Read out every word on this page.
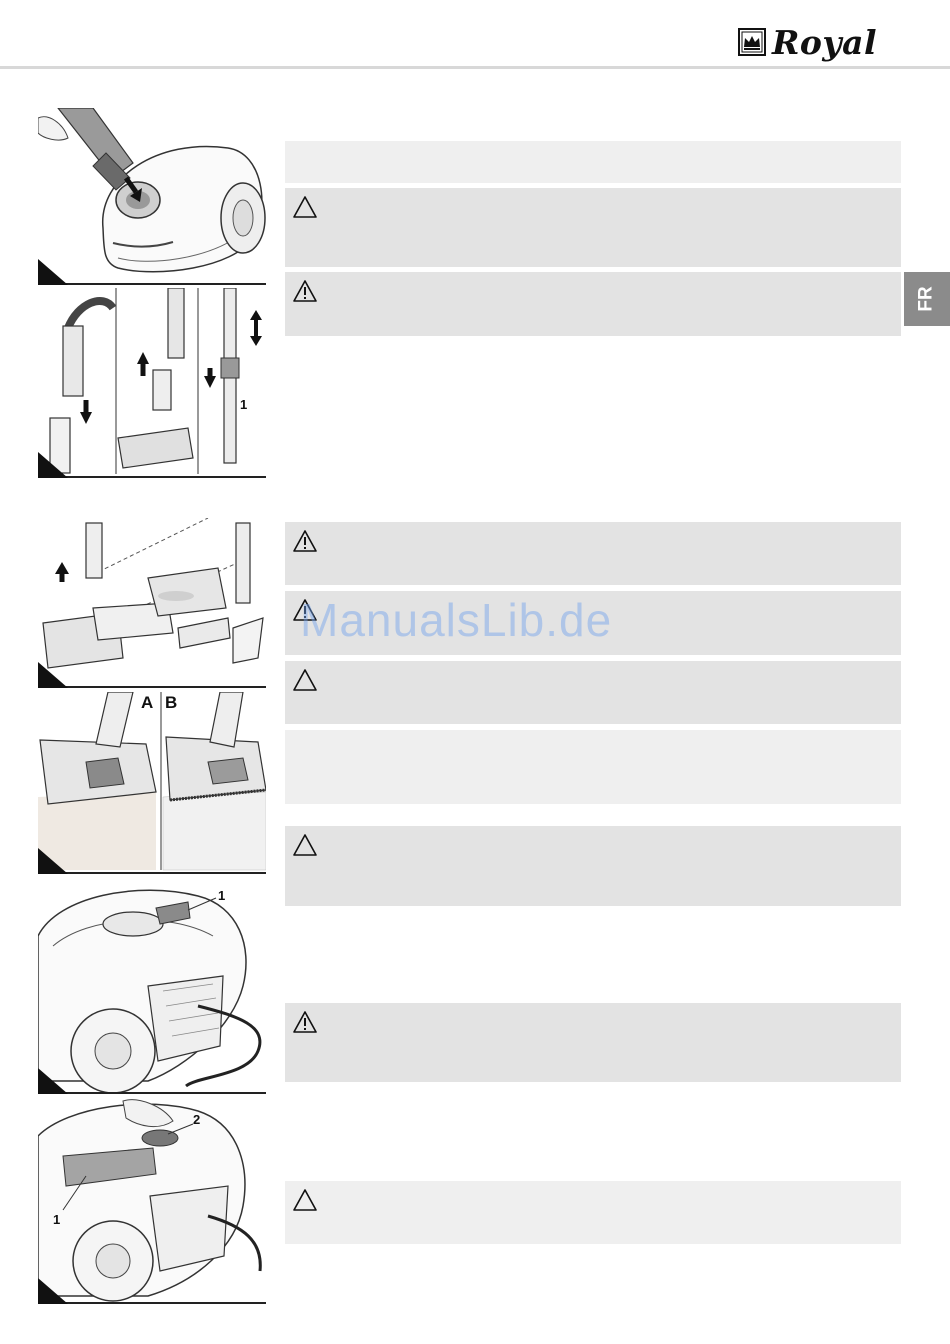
Royal
FR
1
A B
1
2
1
ManualsLib.de
